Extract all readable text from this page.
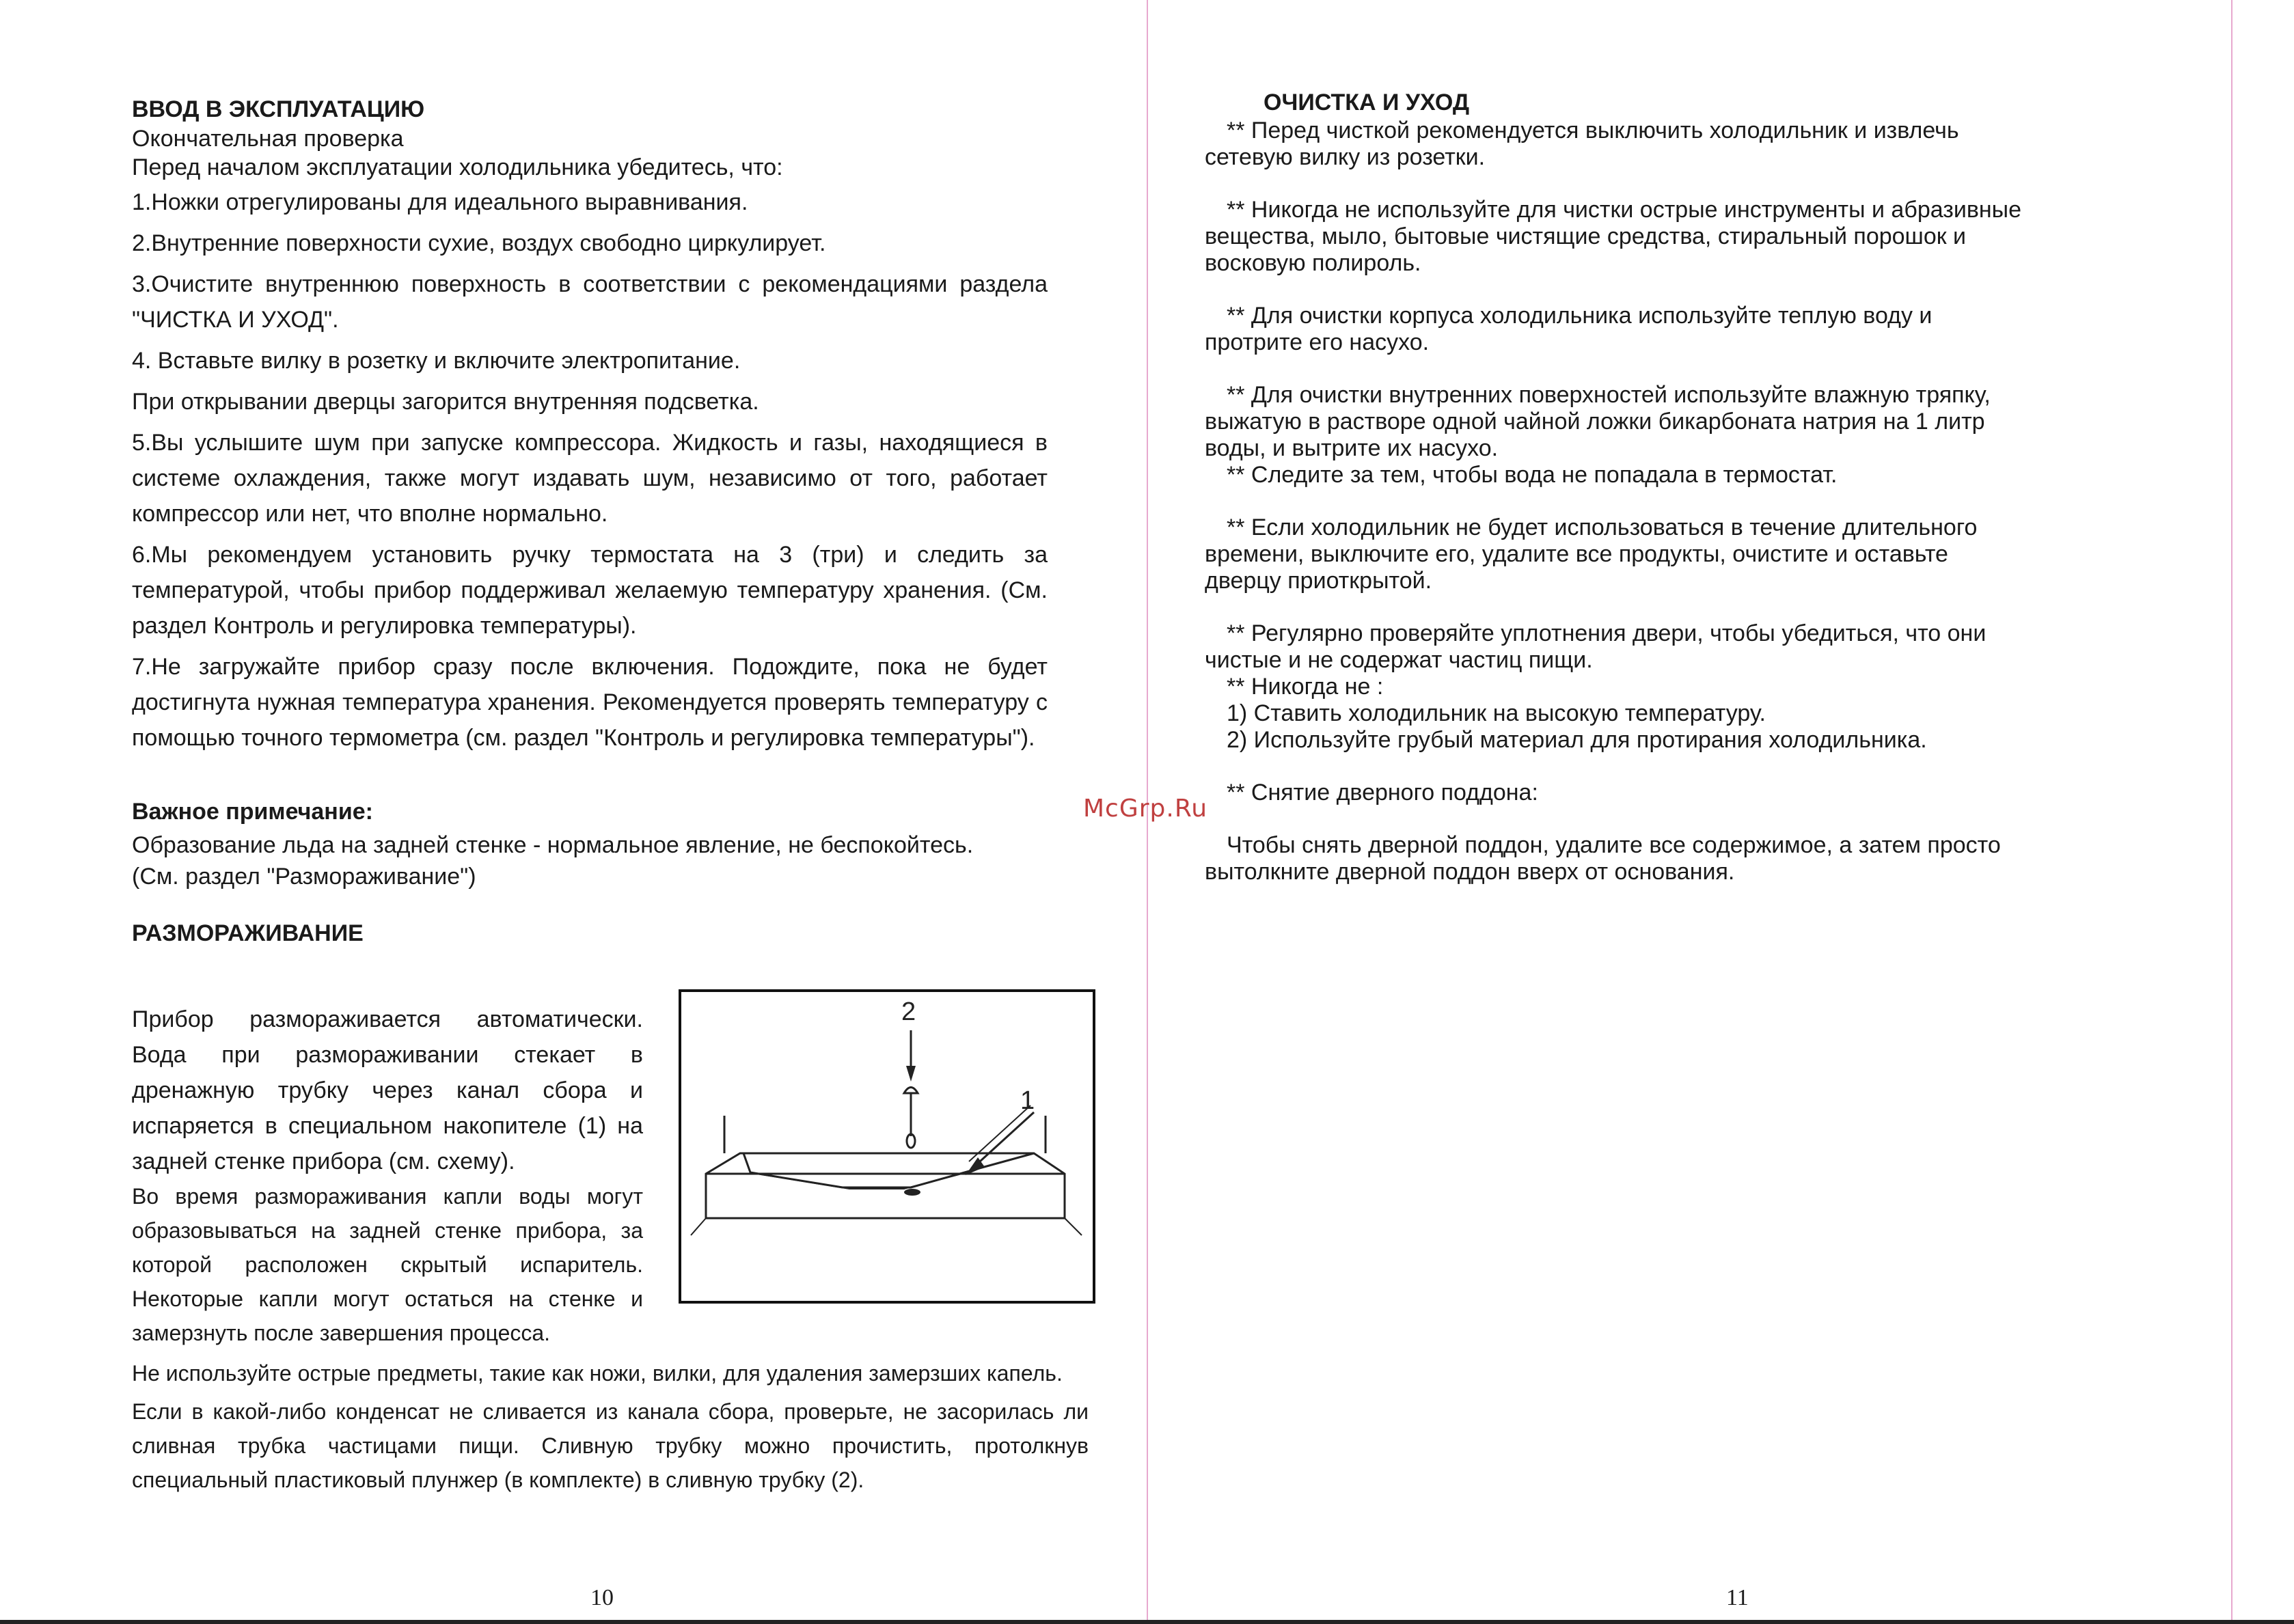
ВВОД В ЭКСПЛУАТАЦИЮ
Окончательная проверка
Перед началом эксплуатации холодильника убедитесь, что:
1.Ножки отрегулированы для идеального выравнивания.
2.Внутренние поверхности сухие, воздух свободно циркулирует.
3.Очистите внутреннюю поверхность в соответствии с рекомендациями раздела "ЧИСТКА И УХОД".
4. Вставьте вилку в розетку и включите электропитание.
При открывании дверцы загорится внутренняя подсветка.
5.Вы услышите шум при запуске компрессора. Жидкость и газы, находящиеся в системе охлаждения, также могут издавать шум, независимо от того, работает компрессор или нет, что вполне нормально.
6.Мы рекомендуем установить ручку термостата на 3 (три) и следить за температурой, чтобы прибор поддерживал желаемую температуру хранения. (См. раздел Контроль и регулировка температуры).
7.Не загружайте прибор сразу после включения. Подождите, пока не будет достигнута нужная температура хранения. Рекомендуется проверять температуру с помощью точного термометра (см. раздел "Контроль и регулировка температуры").
Важное примечание:
Образование льда на задней стенке - нормальное явление, не беспокойтесь.
(См. раздел "Размораживание")
РАЗМОРАЖИВАНИЕ
Прибор размораживается автоматически. Вода при размораживании стекает в дренажную трубку через канал сбора и испаряется в специальном накопителе (1) на задней стенке прибора (см. схему).
Во время размораживания капли воды могут образовываться на задней стенке прибора, за которой расположен скрытый испаритель. Некоторые капли могут остаться на стенке и замерзнуть после завершения процесса.
Не используйте острые предметы, такие как ножи, вилки, для удаления замерзших капель.
Если в какой-либо конденсат не сливается из канала сбора, проверьте, не засорилась ли сливная трубка частицами пищи. Сливную трубку можно прочистить, протолкнув специальный пластиковый плунжер (в комплекте) в сливную трубку (2).
2
1
10
McGrp.Ru
ОЧИСТКА И УХОД
** Перед чисткой рекомендуется выключить холодильник и извлечь
сетевую вилку из розетки.
** Никогда не используйте для чистки острые инструменты и абразивные
вещества, мыло, бытовые чистящие средства, стиральный порошок и
восковую полироль.
** Для очистки корпуса холодильника используйте теплую воду и
протрите его насухо.
** Для очистки внутренних поверхностей используйте влажную тряпку,
выжатую в растворе одной чайной ложки бикарбоната натрия на 1 литр
воды, и вытрите их насухо.
** Следите за тем, чтобы вода не попадала в термостат.
** Если холодильник не будет использоваться в течение длительного
времени, выключите его, удалите все продукты, очистите и оставьте
дверцу приоткрытой.
** Регулярно проверяйте уплотнения двери, чтобы убедиться, что они
чистые и не содержат частиц пищи.
** Никогда не :
1) Ставить холодильник на высокую температуру.
2) Используйте грубый материал для протирания холодильника.
** Снятие дверного поддона:
Чтобы снять дверной поддон, удалите все содержимое, а затем просто
вытолкните дверной поддон вверх от основания.
11
